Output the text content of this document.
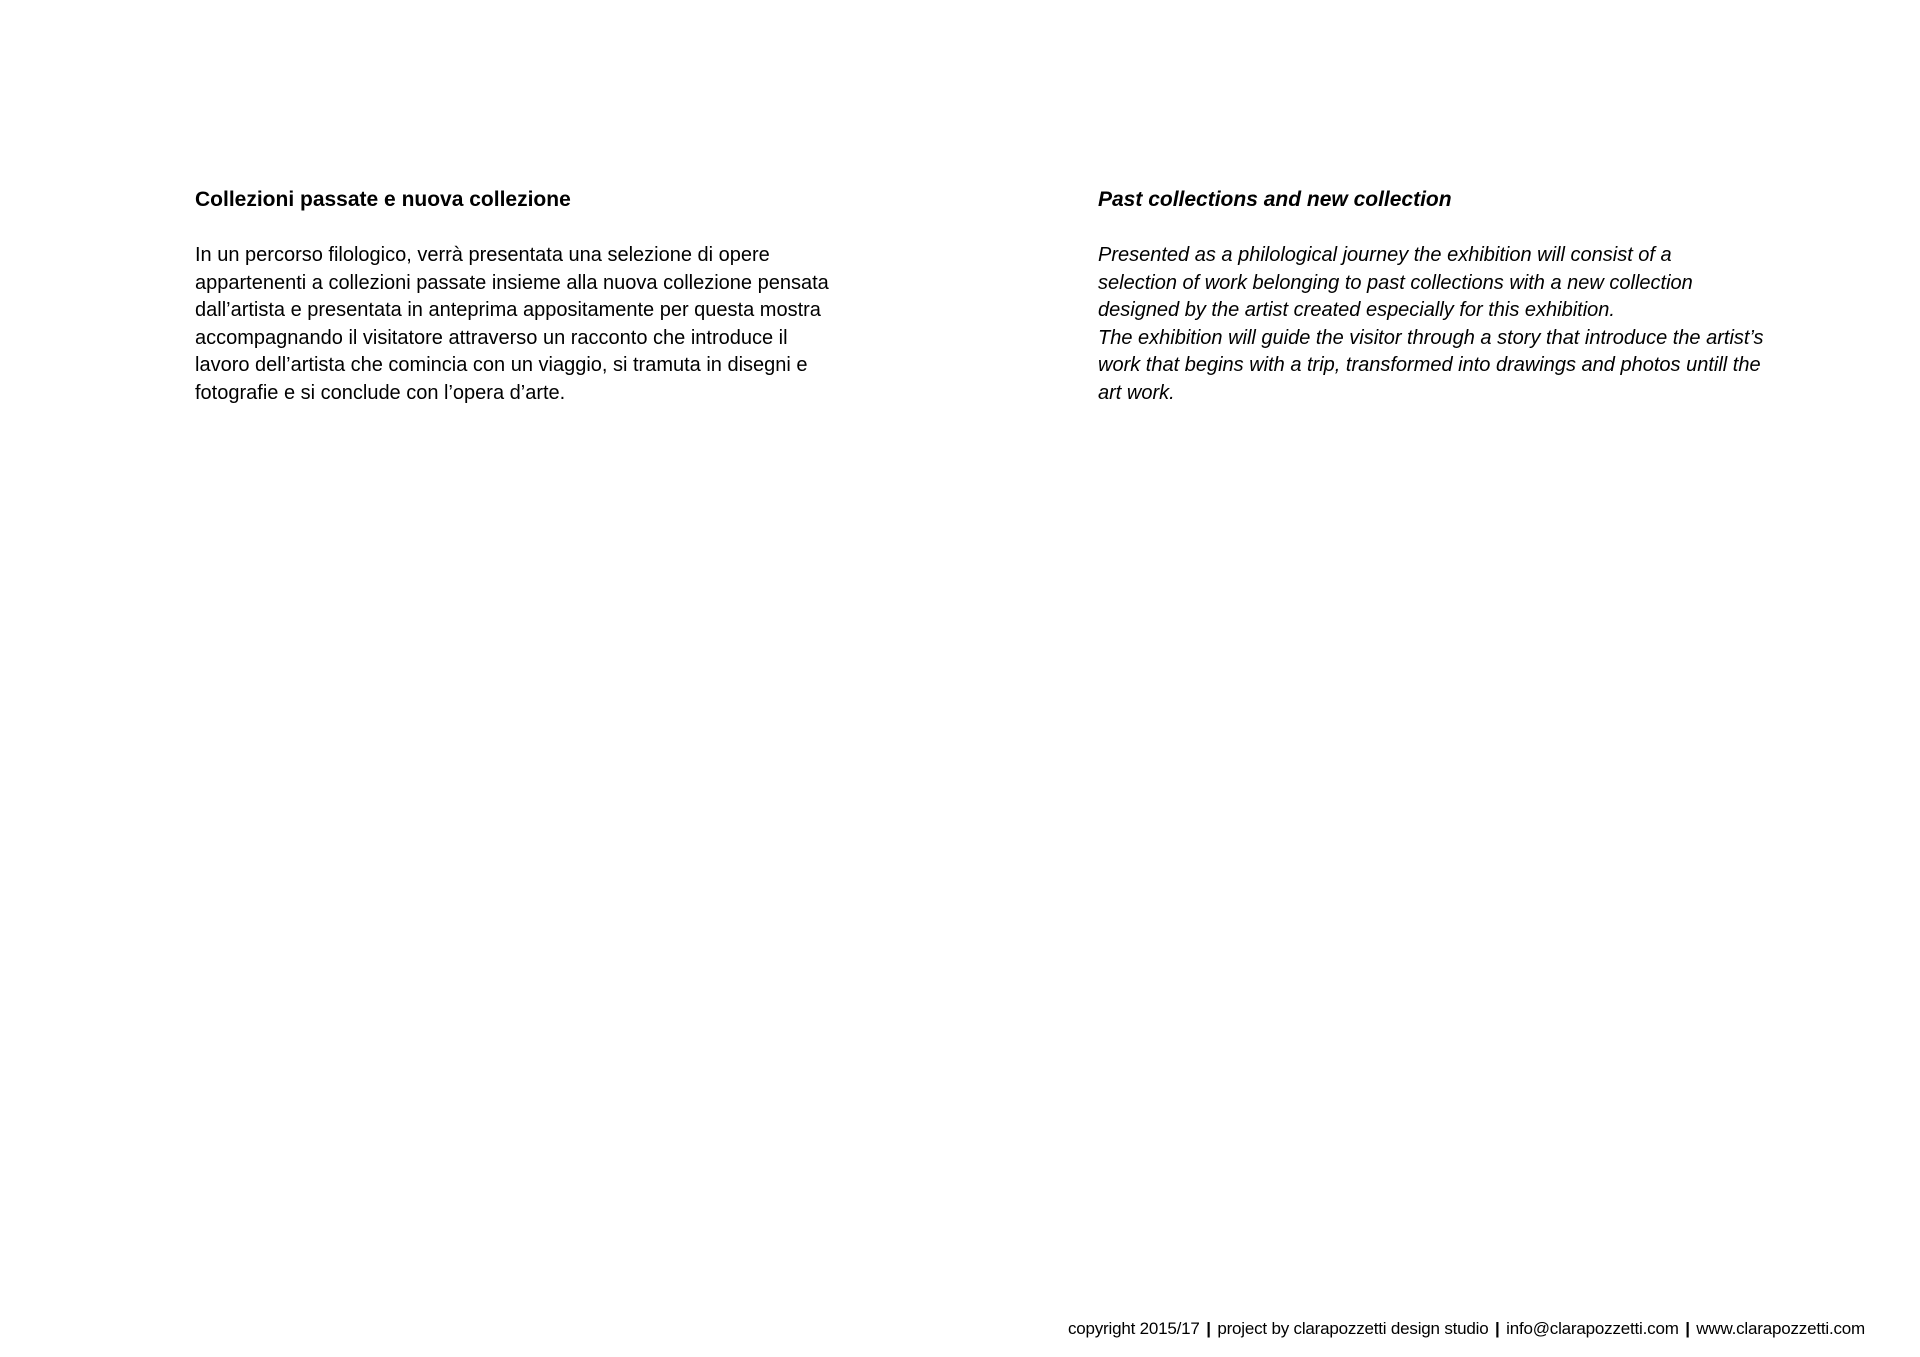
Collezioni passate e nuova collezione

In un percorso filologico, verrà presentata una selezione di opere
appartenenti a collezioni passate insieme alla nuova collezione pensata
dall’artista e presentata in anteprima appositamente per questa mostra
accompagnando il visitatore attraverso un racconto che introduce il
lavoro dell’artista che comincia con un viaggio, si tramuta in disegni e
fotografie e si conclude con l’opera d’arte.

Past collections and new collection

Presented as a philological journey the exhibition will consist of a
selection of work belonging to past collections with a new collection
designed by the artist created especially for this exhibition.
The exhibition will guide the visitor through a story that introduce the artist’s
work that begins with a trip, transformed into drawings and photos untill the
art work.

copyright 2015/17 | project by clarapozzetti design studio | info@clarapozzetti.com | www.clarapozzetti.com
